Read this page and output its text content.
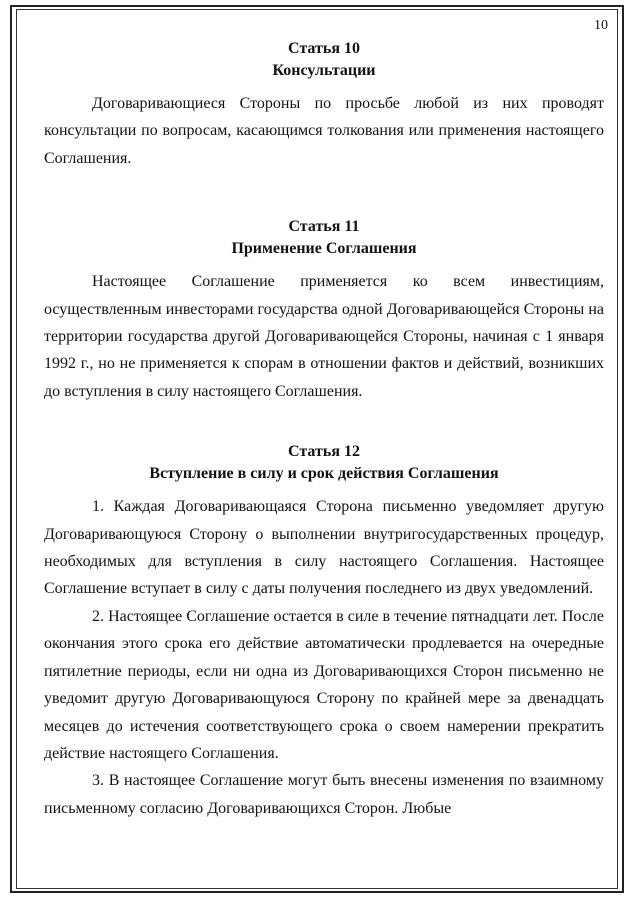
10

Статья 10

Консультации

Договаривающиеся Стороны по просьбе любой из них проводят консультации по вопросам, касающимся толкования или применения настоящего Соглашения.

Статья 11

Применение Соглашения

Настоящее Соглашение применяется ко всем инвестициям, осуществленным инвесторами государства одной Договаривающейся Стороны на территории государства другой Договаривающейся Стороны, начиная с 1 января 1992 г., но не применяется к спорам в отношении фактов и действий, возникших до вступления в силу настоящего Соглашения.

Статья 12

Вступление в силу и срок действия Соглашения

1. Каждая Договаривающаяся Сторона письменно уведомляет другую Договаривающуюся Сторону о выполнении внутригосударственных процедур, необходимых для вступления в силу настоящего Соглашения. Настоящее Соглашение вступает в силу с даты получения последнего из двух уведомлений.

2. Настоящее Соглашение остается в силе в течение пятнадцати лет. После окончания этого срока его действие автоматически продлевается на очередные пятилетние периоды, если ни одна из Договаривающихся Сторон письменно не уведомит другую Договаривающуюся Сторону по крайней мере за двенадцать месяцев до истечения соответствующего срока о своем намерении прекратить действие настоящего Соглашения.

3. В настоящее Соглашение могут быть внесены изменения по взаимному письменному согласию Договаривающихся Сторон. Любые
